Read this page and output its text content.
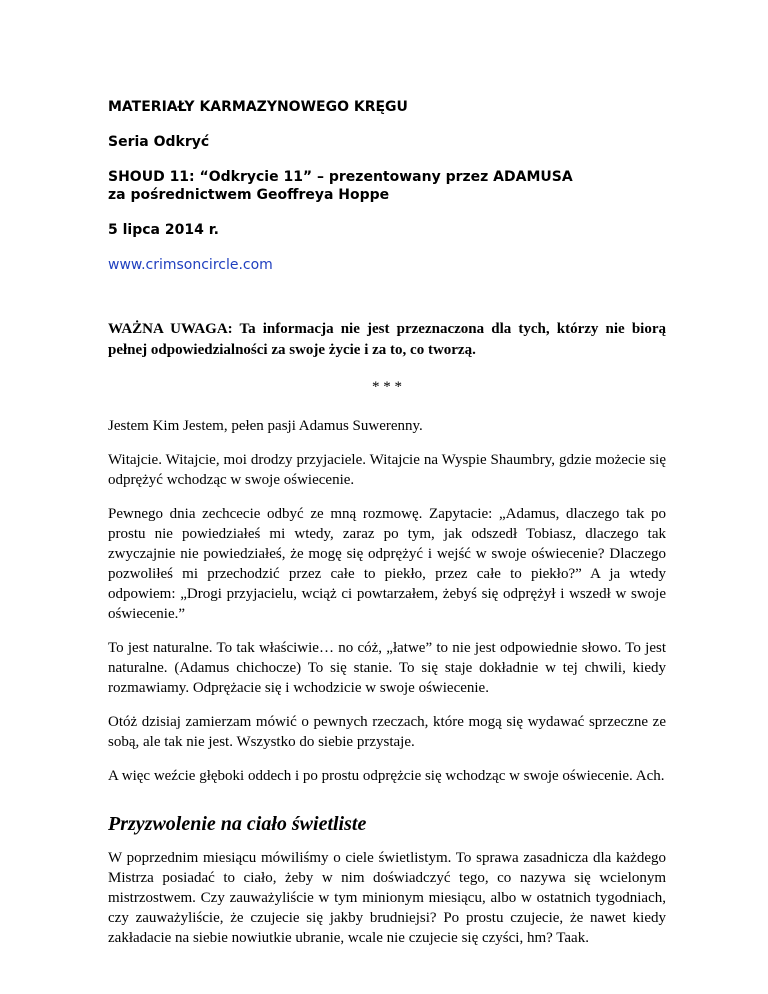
MATERIAŁY KARMAZYNOWEGO KRĘGU
Seria Odkryć
SHOUD 11: “Odkrycie 11” – prezentowany przez ADAMUSA
za pośrednictwem Geoffreya Hoppe
5 lipca 2014 r.
www.crimsoncircle.com
WAŻNA UWAGA: Ta informacja nie jest przeznaczona dla tych, którzy nie biorą pełnej odpowiedzialności za swoje życie i za to, co tworzą.
* * *

Jestem Kim Jestem, pełen pasji Adamus Suwerenny.

Witajcie. Witajcie, moi drodzy przyjaciele. Witajcie na Wyspie Shaumbry, gdzie możecie się odprężyć wchodząc w swoje oświecenie.

Pewnego dnia zechcecie odbyć ze mną rozmowę. Zapytacie: „Adamus, dlaczego tak po prostu nie powiedziałeś mi wtedy, zaraz po tym, jak odszedł Tobiasz, dlaczego tak zwyczajnie nie powiedziałeś, że mogę się odprężyć i wejść w swoje oświecenie? Dlaczego pozwoliłeś mi przechodzić przez całe to piekło, przez całe to piekło?” A ja wtedy odpowiem: „Drogi przyjacielu, wciąż ci powtarzałem, żebyś się odprężył i wszedł w swoje oświecenie.”

To jest naturalne. To tak właściwie… no cóż, „łatwe” to nie jest odpowiednie słowo. To jest naturalne. (Adamus chichocze) To się stanie. To się staje dokładnie w tej chwili, kiedy rozmawiamy. Odprężacie się i wchodzicie w swoje oświecenie.

Otóż dzisiaj zamierzam mówić o pewnych rzeczach, które mogą się wydawać sprzeczne ze sobą, ale tak nie jest. Wszystko do siebie przystaje.

A więc weźcie głęboki oddech i po prostu odprężcie się wchodząc w swoje oświecenie. Ach.

Przyzwolenie na ciało świetliste

W poprzednim miesiącu mówiliśmy o ciele świetlistym. To sprawa zasadnicza dla każdego Mistrza posiadać to ciało, żeby w nim doświadczyć tego, co nazywa się wcielonym mistrzostwem. Czy zauważyliście w tym minionym miesiącu, albo w ostatnich tygodniach, czy zauważyliście, że czujecie się jakby brudniejsi? Po prostu czujecie, że nawet kiedy zakładacie na siebie nowiutkie ubranie, wcale nie czujecie się czyści, hm? Taak.
